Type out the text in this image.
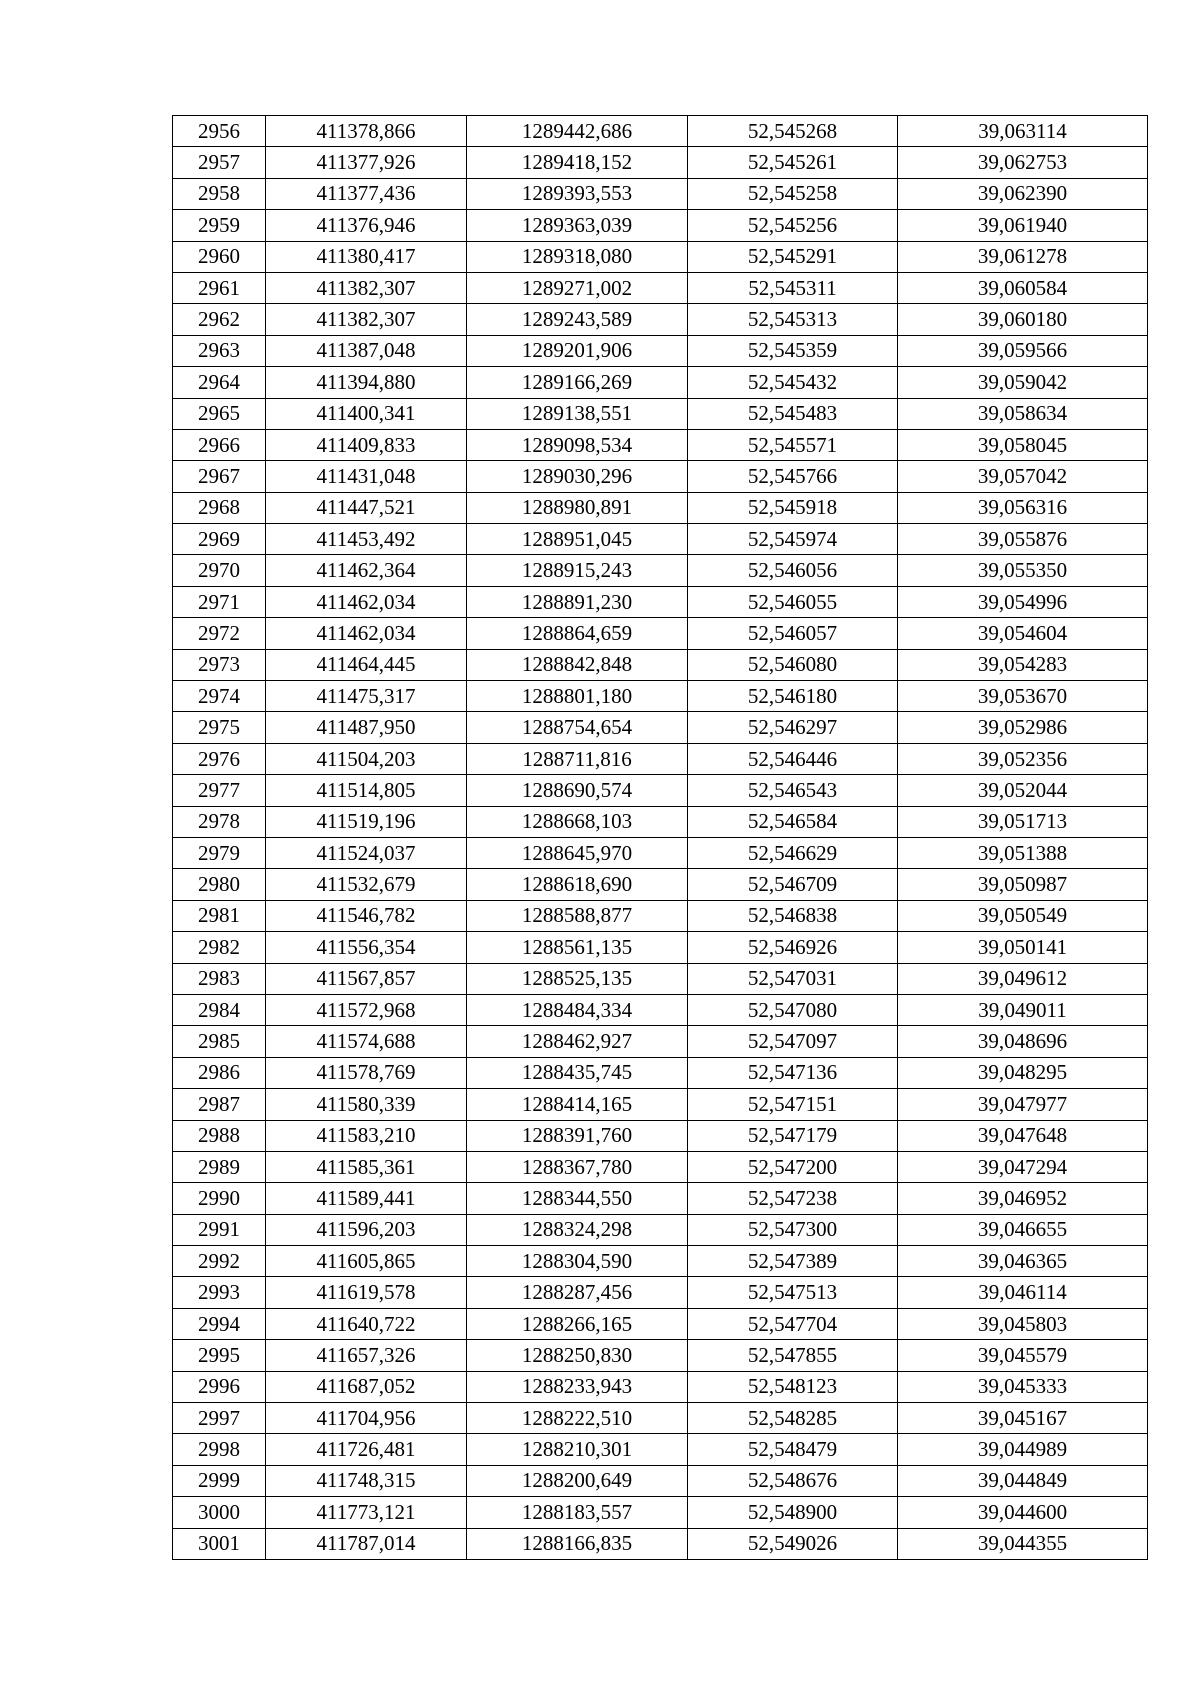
2956	411378,866	1289442,686	52,545268	39,063114
2957	411377,926	1289418,152	52,545261	39,062753
2958	411377,436	1289393,553	52,545258	39,062390
2959	411376,946	1289363,039	52,545256	39,061940
2960	411380,417	1289318,080	52,545291	39,061278
2961	411382,307	1289271,002	52,545311	39,060584
2962	411382,307	1289243,589	52,545313	39,060180
2963	411387,048	1289201,906	52,545359	39,059566
2964	411394,880	1289166,269	52,545432	39,059042
2965	411400,341	1289138,551	52,545483	39,058634
2966	411409,833	1289098,534	52,545571	39,058045
2967	411431,048	1289030,296	52,545766	39,057042
2968	411447,521	1288980,891	52,545918	39,056316
2969	411453,492	1288951,045	52,545974	39,055876
2970	411462,364	1288915,243	52,546056	39,055350
2971	411462,034	1288891,230	52,546055	39,054996
2972	411462,034	1288864,659	52,546057	39,054604
2973	411464,445	1288842,848	52,546080	39,054283
2974	411475,317	1288801,180	52,546180	39,053670
2975	411487,950	1288754,654	52,546297	39,052986
2976	411504,203	1288711,816	52,546446	39,052356
2977	411514,805	1288690,574	52,546543	39,052044
2978	411519,196	1288668,103	52,546584	39,051713
2979	411524,037	1288645,970	52,546629	39,051388
2980	411532,679	1288618,690	52,546709	39,050987
2981	411546,782	1288588,877	52,546838	39,050549
2982	411556,354	1288561,135	52,546926	39,050141
2983	411567,857	1288525,135	52,547031	39,049612
2984	411572,968	1288484,334	52,547080	39,049011
2985	411574,688	1288462,927	52,547097	39,048696
2986	411578,769	1288435,745	52,547136	39,048295
2987	411580,339	1288414,165	52,547151	39,047977
2988	411583,210	1288391,760	52,547179	39,047648
2989	411585,361	1288367,780	52,547200	39,047294
2990	411589,441	1288344,550	52,547238	39,046952
2991	411596,203	1288324,298	52,547300	39,046655
2992	411605,865	1288304,590	52,547389	39,046365
2993	411619,578	1288287,456	52,547513	39,046114
2994	411640,722	1288266,165	52,547704	39,045803
2995	411657,326	1288250,830	52,547855	39,045579
2996	411687,052	1288233,943	52,548123	39,045333
2997	411704,956	1288222,510	52,548285	39,045167
2998	411726,481	1288210,301	52,548479	39,044989
2999	411748,315	1288200,649	52,548676	39,044849
3000	411773,121	1288183,557	52,548900	39,044600
3001	411787,014	1288166,835	52,549026	39,044355
